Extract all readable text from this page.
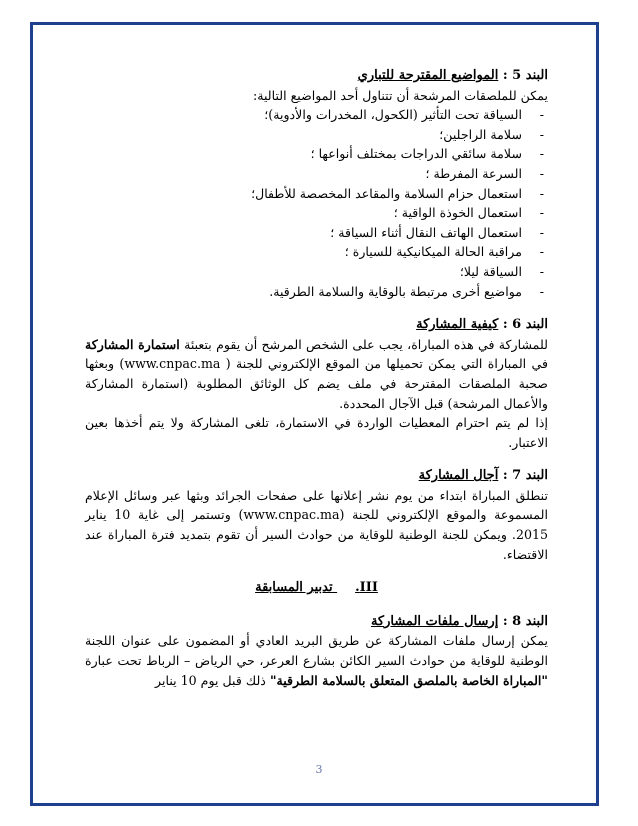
البند 5 : المواضيع المقترحة للتباري

يمكن للملصقات المرشحة أن تتناول أحد المواضيع التالية:

- السياقة تحت التأثير (الكحول، المخدرات والأدوية)؛
- سلامة الراجلين؛
- سلامة سائقي الدراجات بمختلف أنواعها ؛
- السرعة المفرطة ؛
- استعمال حزام السلامة والمقاعد المخصصة للأطفال؛
- استعمال الخوذة الواقية ؛
- استعمال الهاتف النقال أثناء السياقة ؛
- مراقبة الحالة الميكانيكية للسيارة ؛
- السياقة ليلا؛
- مواضيع أخرى مرتبطة بالوقاية والسلامة الطرقية.
البند 6 : كيفية المشاركة

للمشاركة في هذه المباراة، يجب على الشخص المرشح أن يقوم بتعبئة استمارة المشاركة في المباراة التي يمكن تحميلها من الموقع الإلكتروني للجنة ( www.cnpac.ma) وبعثها صحبة الملصقات المقترحة في ملف يضم كل الوثائق المطلوبة (استمارة المشاركة والأعمال المرشحة) قبل الآجال المحددة.

إذا لم يتم احترام المعطيات الواردة في الاستمارة، تلغى المشاركة ولا يتم أخذها بعين الاعتبار.

البند 7 : آجال المشاركة

تنطلق المباراة ابتداء من يوم نشر إعلانها على صفحات الجرائد وبثها عبر وسائل الإعلام المسموعة والموقع الإلكتروني للجنة (www.cnpac.ma) وتستمر إلى غاية 10 يناير 2015. ويمكن للجنة الوطنية للوقاية من حوادث السير أن تقوم بتمديد فترة المباراة عند الاقتضاء.

III. تدبير المسابقة
البند 8 : إرسال ملفات المشاركة

يمكن إرسال ملفات المشاركة عن طريق البريد العادي أو المضمون على عنوان اللجنة الوطنية للوقاية من حوادث السير الكائن بشارع العرعر، حي الرياض – الرباط تحت عبارة "المباراة الخاصة بالملصق المتعلق بالسلامة الطرقية" ذلك قبل يوم 10 يناير

3
